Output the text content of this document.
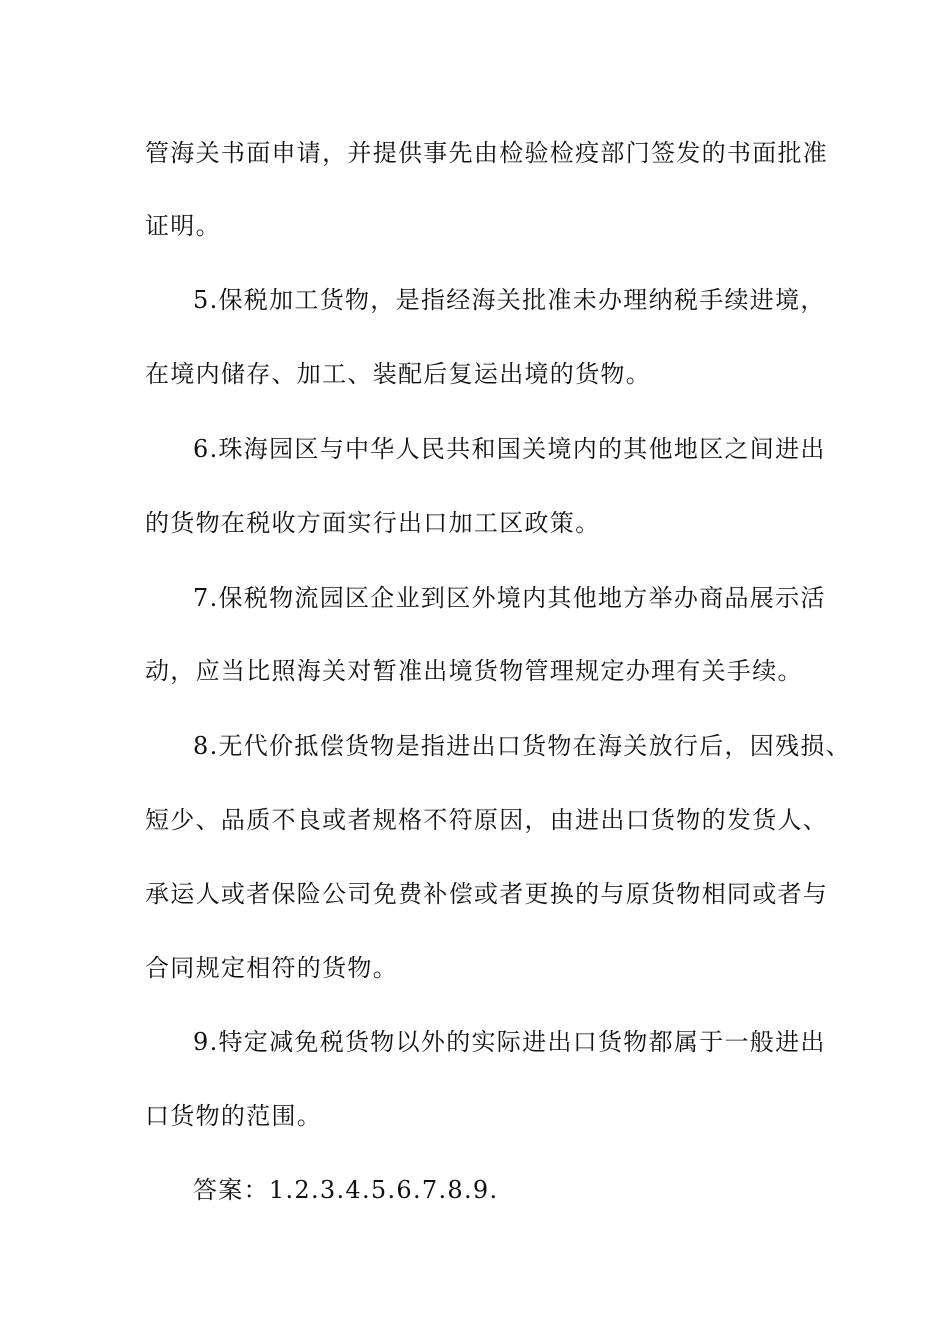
管海关书面申请，并提供事先由检验检疫部门签发的书面批准
证明。
5.保税加工货物，是指经海关批准未办理纳税手续进境，
在境内储存、加工、装配后复运出境的货物。
6.珠海园区与中华人民共和国关境内的其他地区之间进出
的货物在税收方面实行出口加工区政策。
7.保税物流园区企业到区外境内其他地方举办商品展示活
动，应当比照海关对暂准出境货物管理规定办理有关手续。
8.无代价抵偿货物是指进出口货物在海关放行后，因残损、
短少、品质不良或者规格不符原因，由进出口货物的发货人、
承运人或者保险公司免费补偿或者更换的与原货物相同或者与
合同规定相符的货物。
9.特定减免税货物以外的实际进出口货物都属于一般进出
口货物的范围。
答案：1.2.3.4.5.6.7.8.9.
